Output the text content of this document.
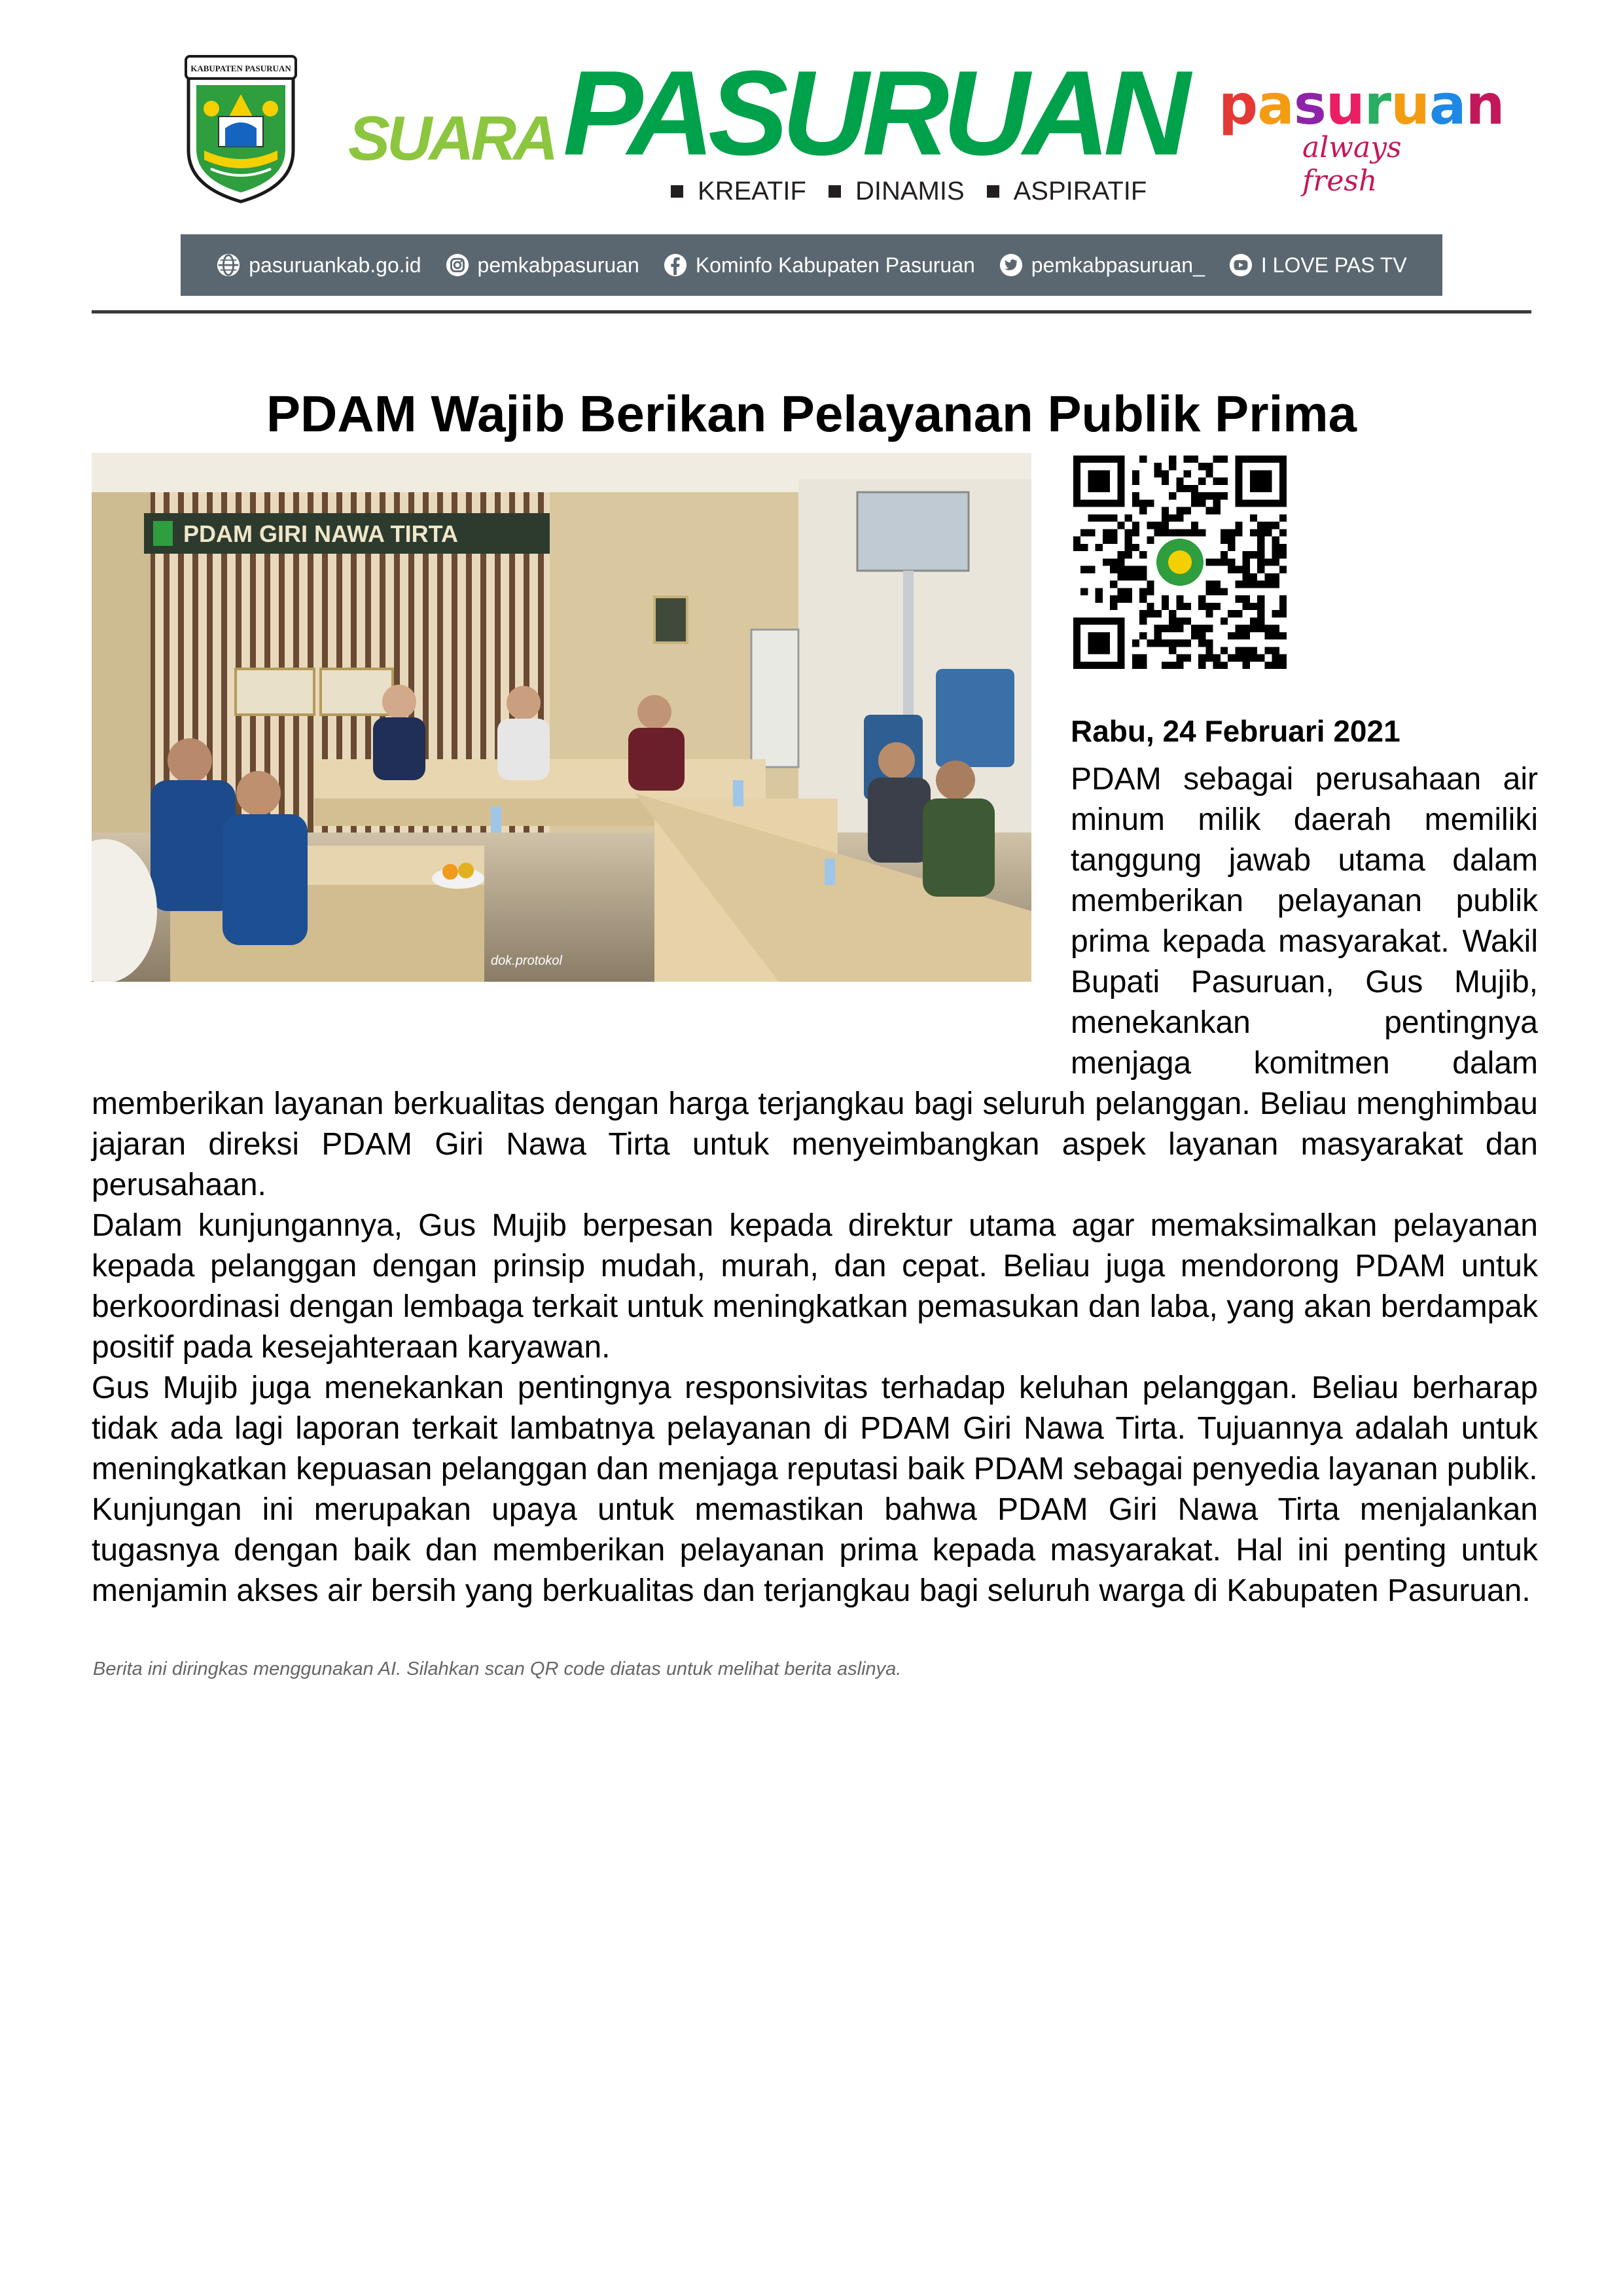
KABUPATEN PASURUAN
SUARA PASURUAN
KREATIF DINAMIS ASPIRATIF
pasuruan
always fresh
pasuruankab.go.id	pemkabpasuruan	Kominfo Kabupaten Pasuruan	pemkabpasuruan_	I LOVE PAS TV
PDAM Wajib Berikan Pelayanan Publik Prima
PDAM GIRI NAWA TIRTA
dok.protokol
Rabu, 24 Februari 2021

PDAM sebagai perusahaan air minum milik daerah memiliki tanggung jawab utama dalam memberikan pelayanan publik prima kepada masyarakat. Wakil Bupati Pasuruan, Gus Mujib, menekankan pentingnya menjaga komitmen dalam memberikan layanan berkualitas dengan harga terjangkau bagi seluruh pelanggan. Beliau menghimbau jajaran direksi PDAM Giri Nawa Tirta untuk menyeimbangkan aspek layanan masyarakat dan perusahaan.

Dalam kunjungannya, Gus Mujib berpesan kepada direktur utama agar memaksimalkan pelayanan kepada pelanggan dengan prinsip mudah, murah, dan cepat. Beliau juga mendorong PDAM untuk berkoordinasi dengan lembaga terkait untuk meningkatkan pemasukan dan laba, yang akan berdampak positif pada kesejahteraan karyawan.

Gus Mujib juga menekankan pentingnya responsivitas terhadap keluhan pelanggan. Beliau berharap tidak ada lagi laporan terkait lambatnya pelayanan di PDAM Giri Nawa Tirta. Tujuannya adalah untuk meningkatkan kepuasan pelanggan dan menjaga reputasi baik PDAM sebagai penyedia layanan publik.

Kunjungan ini merupakan upaya untuk memastikan bahwa PDAM Giri Nawa Tirta menjalankan tugasnya dengan baik dan memberikan pelayanan prima kepada masyarakat. Hal ini penting untuk menjamin akses air bersih yang berkualitas dan terjangkau bagi seluruh warga di Kabupaten Pasuruan.

Berita ini diringkas menggunakan AI. Silahkan scan QR code diatas untuk melihat berita aslinya.
